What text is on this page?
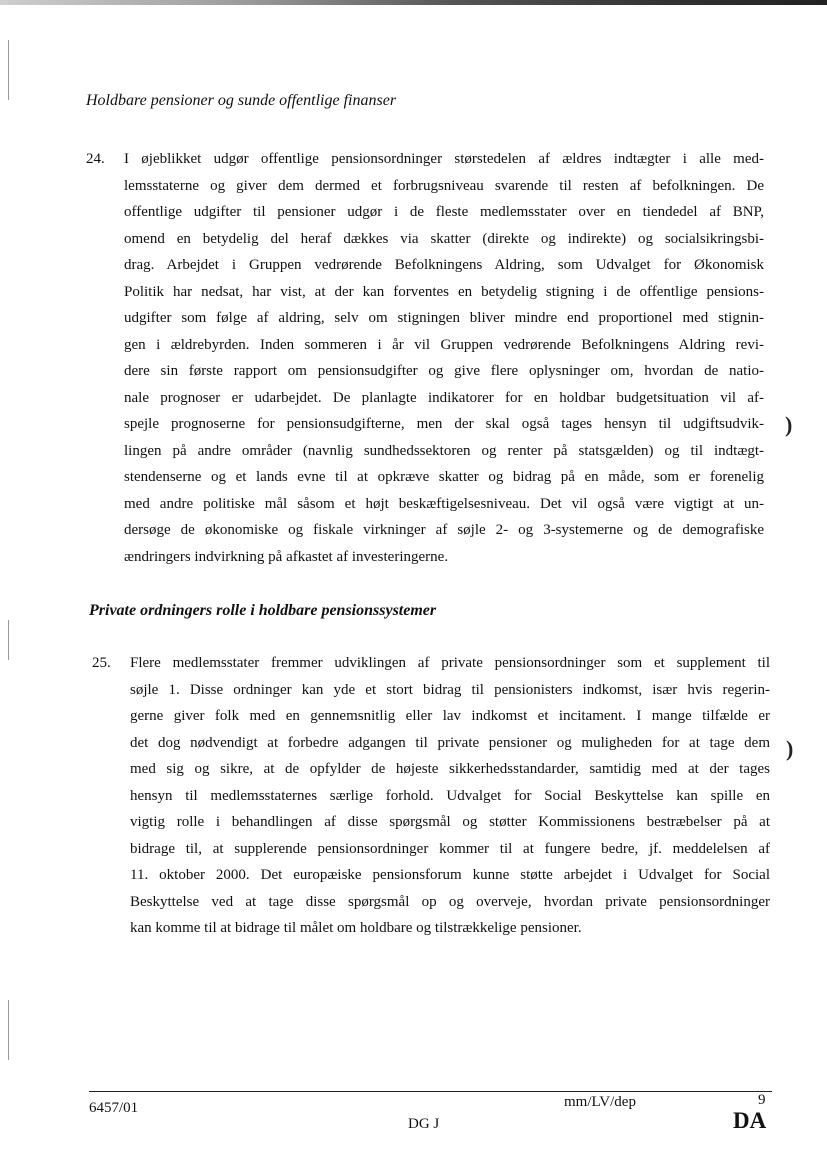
Holdbare pensioner og sunde offentlige finanser
24. I øjeblikket udgør offentlige pensionsordninger størstedelen af ældres indtægter i alle med-
lemsstaterne og giver dem dermed et forbrugsniveau svarende til resten af befolkningen. De
offentlige udgifter til pensioner udgør i de fleste medlemsstater over en tiendedel af BNP,
omend en betydelig del heraf dækkes via skatter (direkte og indirekte) og socialsikringsbi-
drag. Arbejdet i Gruppen vedrørende Befolkningens Aldring, som Udvalget for Økonomisk
Politik har nedsat, har vist, at der kan forventes en betydelig stigning i de offentlige pensions-
udgifter som følge af aldring, selv om stigningen bliver mindre end proportionel med stignin-
gen i ældrebyrden. Inden sommeren i år vil Gruppen vedrørende Befolkningens Aldring revi-
dere sin første rapport om pensionsudgifter og give flere oplysninger om, hvordan de natio-
nale prognoser er udarbejdet. De planlagte indikatorer for en holdbar budgetsituation vil af-
spejle prognoserne for pensionsudgifterne, men der skal også tages hensyn til udgiftsudvik-
lingen på andre områder (navnlig sundhedssektoren og renter på statsgælden) og til indtægt-
stendenserne og et lands evne til at opkræve skatter og bidrag på en måde, som er forenelig
med andre politiske mål såsom et højt beskæftigelsesniveau. Det vil også være vigtigt at un-
dersøge de økonomiske og fiskale virkninger af søjle 2- og 3-systemerne og de demografiske
ændringers indvirkning på afkastet af investeringerne.
)
Private ordningers rolle i holdbare pensionssystemer
25. Flere medlemsstater fremmer udviklingen af private pensionsordninger som et supplement til
søjle 1. Disse ordninger kan yde et stort bidrag til pensionisters indkomst, især hvis regerin-
gerne giver folk med en gennemsnitlig eller lav indkomst et incitament. I mange tilfælde er
det dog nødvendigt at forbedre adgangen til private pensioner og muligheden for at tage dem
med sig og sikre, at de opfylder de højeste sikkerhedsstandarder, samtidig med at der tages
hensyn til medlemsstaternes særlige forhold. Udvalget for Social Beskyttelse kan spille en
vigtig rolle i behandlingen af disse spørgsmål og støtter Kommissionens bestræbelser på at
bidrage til, at supplerende pensionsordninger kommer til at fungere bedre, jf. meddelelsen af
11. oktober 2000. Det europæiske pensionsforum kunne støtte arbejdet i Udvalget for Social
Beskyttelse ved at tage disse spørgsmål op og overveje, hvordan private pensionsordninger
kan komme til at bidrage til målet om holdbare og tilstrækkelige pensioner.
)
6457/01
DG J
mm/LV/dep	9
DA
